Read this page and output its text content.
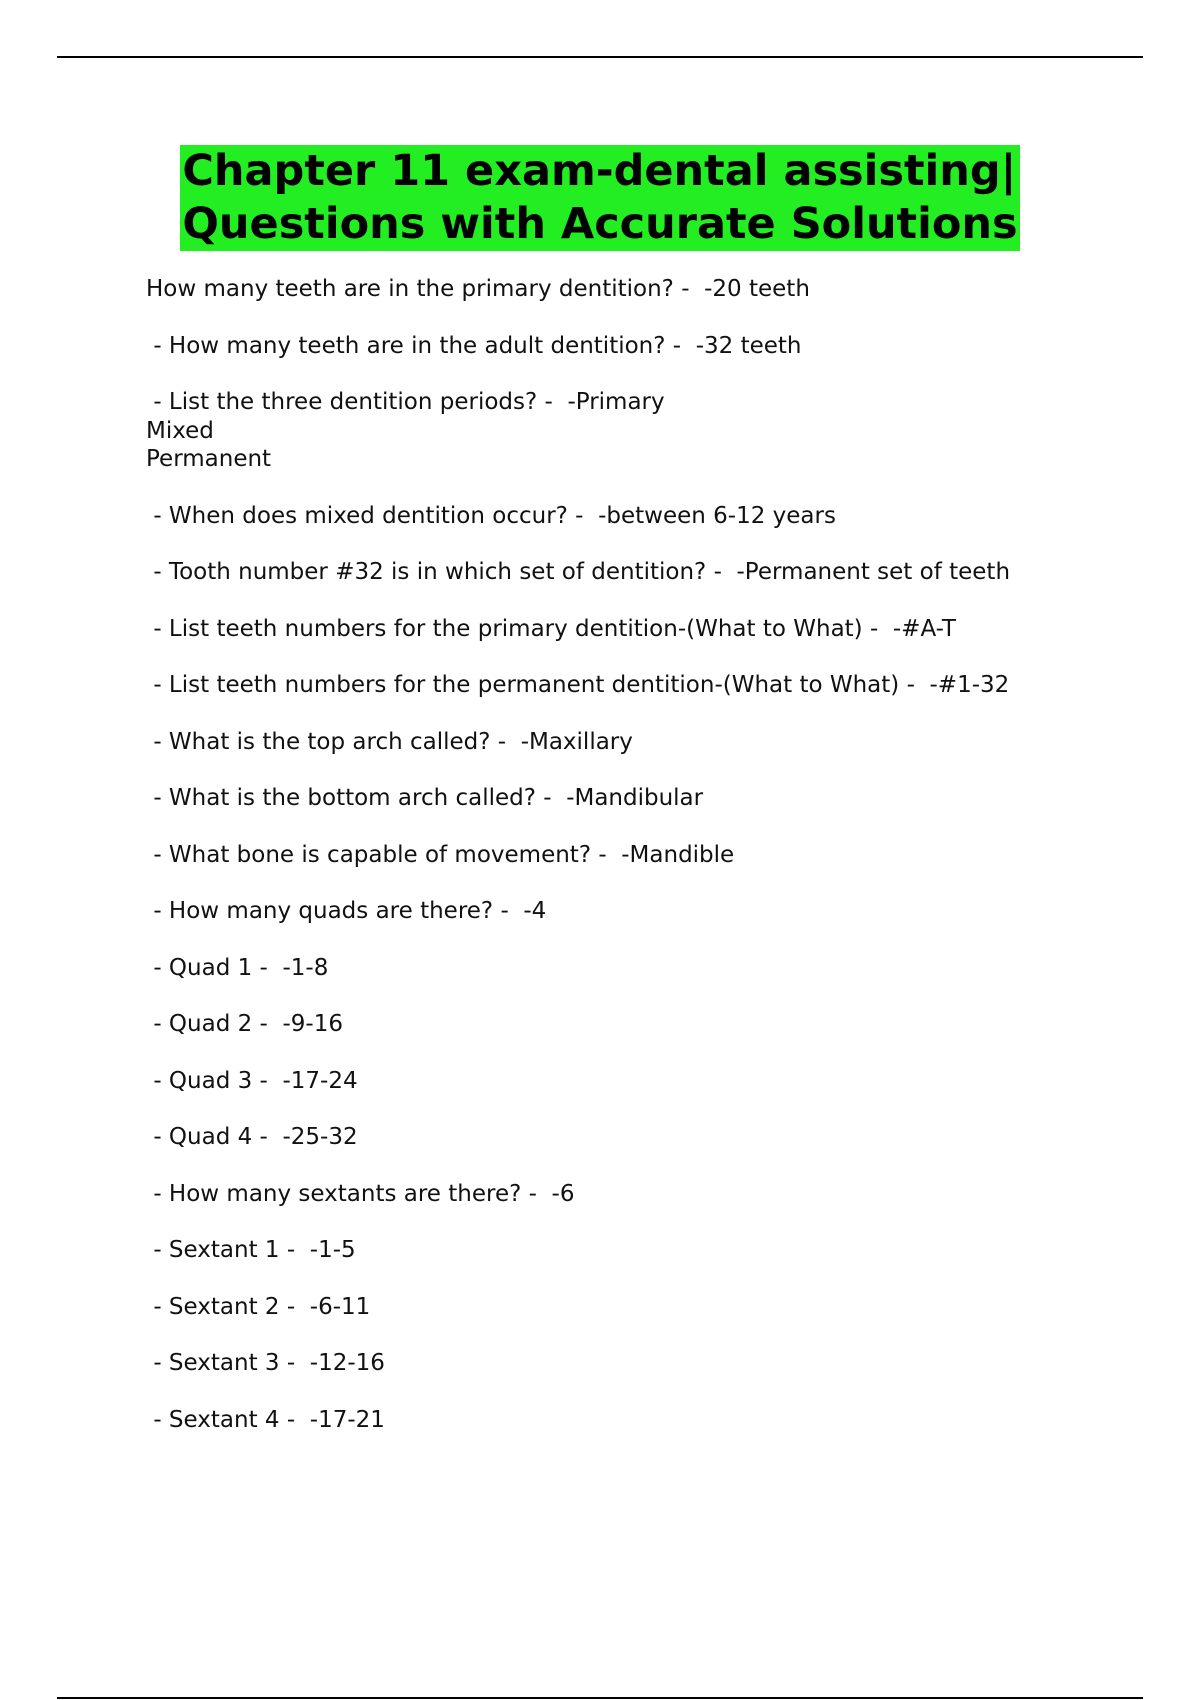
Chapter 11 exam-dental assisting|
Questions with Accurate Solutions
How many teeth are in the primary dentition? -  -20 teeth
- How many teeth are in the adult dentition? -  -32 teeth
- List the three dentition periods? -  -Primary
Mixed
Permanent
- When does mixed dentition occur? -  -between 6-12 years
- Tooth number #32 is in which set of dentition? -  -Permanent set of teeth
- List teeth numbers for the primary dentition-(What to What) -  -#A-T
- List teeth numbers for the permanent dentition-(What to What) -  -#1-32
- What is the top arch called? -  -Maxillary
- What is the bottom arch called? -  -Mandibular
- What bone is capable of movement? -  -Mandible
- How many quads are there? -  -4
- Quad 1 -  -1-8
- Quad 2 -  -9-16
- Quad 3 -  -17-24
- Quad 4 -  -25-32
- How many sextants are there? -  -6
- Sextant 1 -  -1-5
- Sextant 2 -  -6-11
- Sextant 3 -  -12-16
- Sextant 4 -  -17-21
